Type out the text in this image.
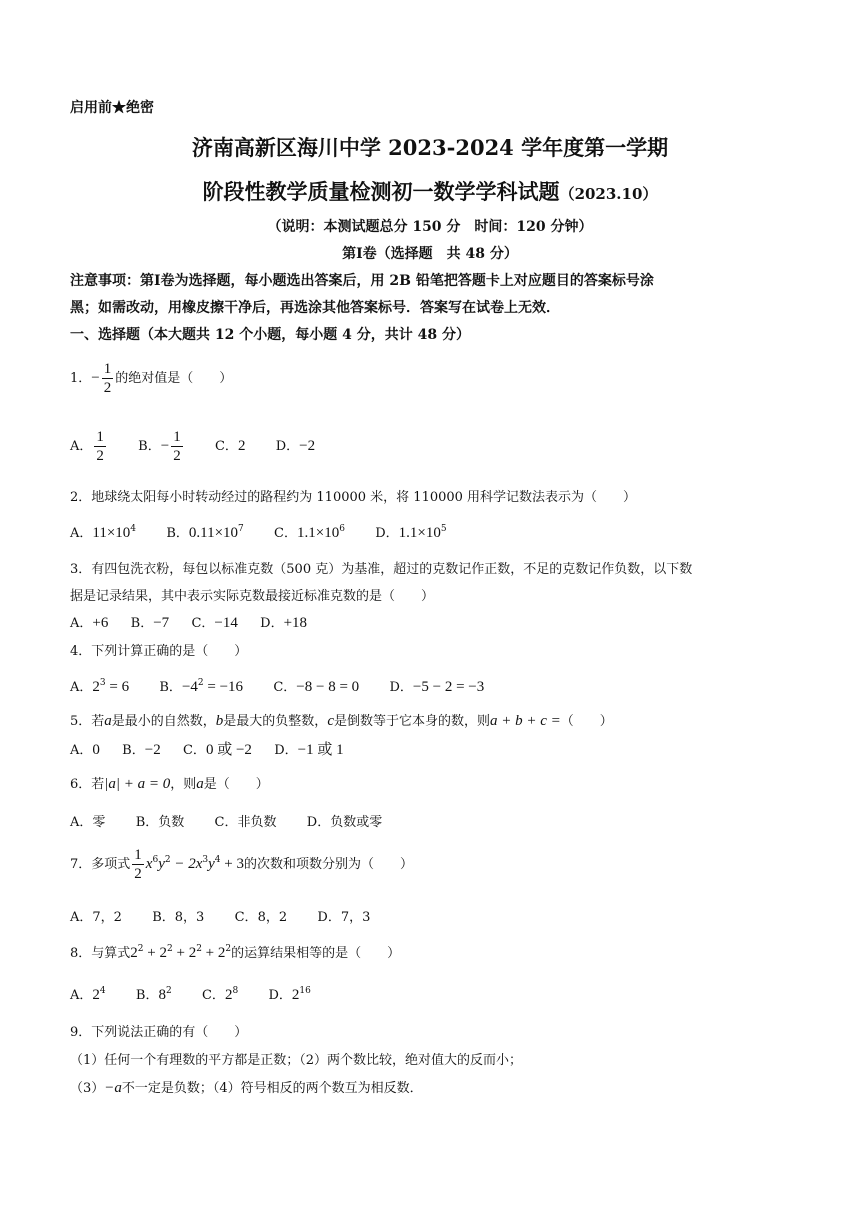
启用前★绝密
济南高新区海川中学 2023-2024 学年度第一学期
阶段性教学质量检测初一数学学科试题（2023.10）
（说明：本测试题总分 150 分　时间：120 分钟）
第Ⅰ卷（选择题　共 48 分）
注意事项：第Ⅰ卷为选择题，每小题选出答案后，用 2B 铅笔把答题卡上对应题目的答案标号涂
黑；如需改动，用橡皮擦干净后，再选涂其他答案标号．答案写在试卷上无效．
一、选择题（本大题共 12 个小题，每小题 4 分，共计 48 分）
1．− $\frac{1}{2}$ 的绝对值是（　　）
A． $\frac{1}{2}$ B．− $\frac{1}{2}$ C．2 D．−2
2．地球绕太阳每小时转动经过的路程约为 110000 米，将 110000 用科学记数法表示为（　　）
A．$11\times 10^4$ B．$0.11\times 10^7$ C．$1.1\times 10^6$ D．$1.1\times 10^5$
3．有四包洗衣粉，每包以标准克数（500 克）为基准，超过的克数记作正数，不足的克数记作负数，以下数
据是记录结果，其中表示实际克数最接近标准克数的是（　　）
A．+6 B．−7 C．−14 D．+18
4．下列计算正确的是（　　）
A．$2^3 = 6$ B．$-4^2 = -16$ C．−8 − 8 = 0 D．−5 − 2 = −3
5．若a是最小的自然数，b是最大的负整数，c是倒数等于它本身的数，则a + b + c =（　　）
A．0 B．−2 C．0 或 −2 D．−1 或 1
6．若|a| + a = 0，则a是（　　）
A．零 B．负数 C．非负数 D．负数或零
7．多项式 $\frac{1}{2} x^6y^2 - 2x^3y^4 + 3$的次数和项数分别为（　　）
A．7，2 B．8，3 C．8，2 D．7，3
8．与算式$2^2 + 2^2 + 2^2 + 2^2$的运算结果相等的是（　　）
A．$2^4$ B．$8^2$ C．$2^8$ D．$2^{16}$
9．下列说法正确的有（　　）
（1）任何一个有理数的平方都是正数；（2）两个数比较，绝对值大的反而小；
（3）−a不一定是负数；（4）符号相反的两个数互为相反数．
